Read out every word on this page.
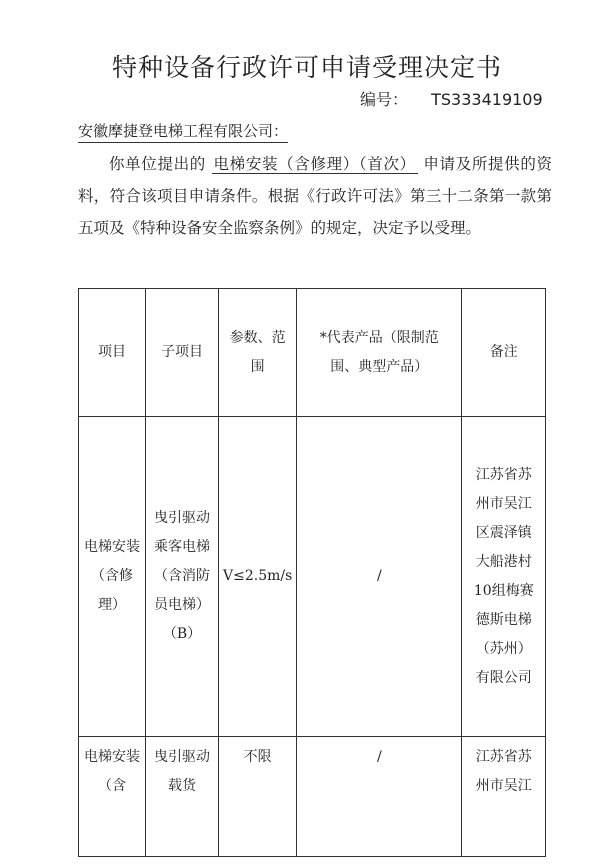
特种设备行政许可申请受理决定书
编号： TS333419109
安徽摩捷登电梯工程有限公司：
你单位提出的 电梯安装（含修理）（首次） 申请及所提供的资料，符合该项目申请条件。根据《行政许可法》第三十二条第一款第五项及《特种设备安全监察条例》的规定，决定予以受理。
项目	子项目	参数、范围	*代表产品（限制范围、典型产品）	备注

电梯安装（含修理）	曳引驱动乘客电梯（含消防员电梯）（B）	V≤2.5m/s	/	江苏省苏州市吴江区震泽镇大船港村10组梅赛德斯电梯（苏州）有限公司

电梯安装（含	曳引驱动载货	不限	/	江苏省苏州市吴江
